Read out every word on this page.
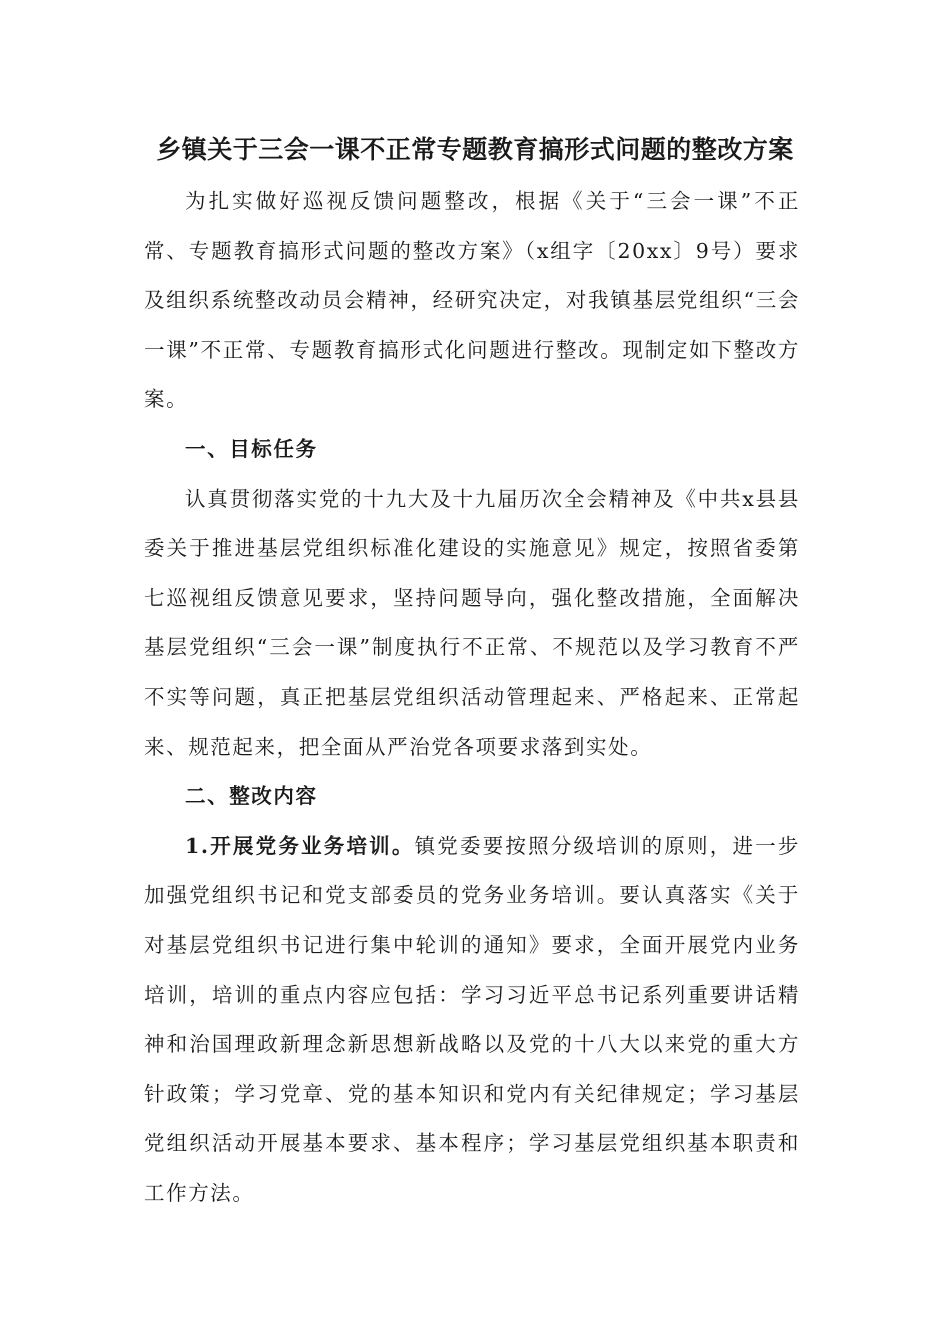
乡镇关于三会一课不正常专题教育搞形式问题的整改方案

为扎实做好巡视反馈问题整改，根据《关于“三会一课”不正常、专题教育搞形式问题的整改方案》（x组字〔20xx〕9号）要求及组织系统整改动员会精神，经研究决定，对我镇基层党组织“三会一课”不正常、专题教育搞形式化问题进行整改。现制定如下整改方案。

一、目标任务

认真贯彻落实党的十九大及十九届历次全会精神及《中共x县县委关于推进基层党组织标准化建设的实施意见》规定，按照省委第七巡视组反馈意见要求，坚持问题导向，强化整改措施，全面解决基层党组织“三会一课”制度执行不正常、不规范以及学习教育不严不实等问题，真正把基层党组织活动管理起来、严格起来、正常起来、规范起来，把全面从严治党各项要求落到实处。

二、整改内容

1.开展党务业务培训。镇党委要按照分级培训的原则，进一步加强党组织书记和党支部委员的党务业务培训。要认真落实《关于对基层党组织书记进行集中轮训的通知》要求，全面开展党内业务培训，培训的重点内容应包括：学习习近平总书记系列重要讲话精神和治国理政新理念新思想新战略以及党的十八大以来党的重大方针政策；学习党章、党的基本知识和党内有关纪律规定；学习基层党组织活动开展基本要求、基本程序；学习基层党组织基本职责和工作方法。
